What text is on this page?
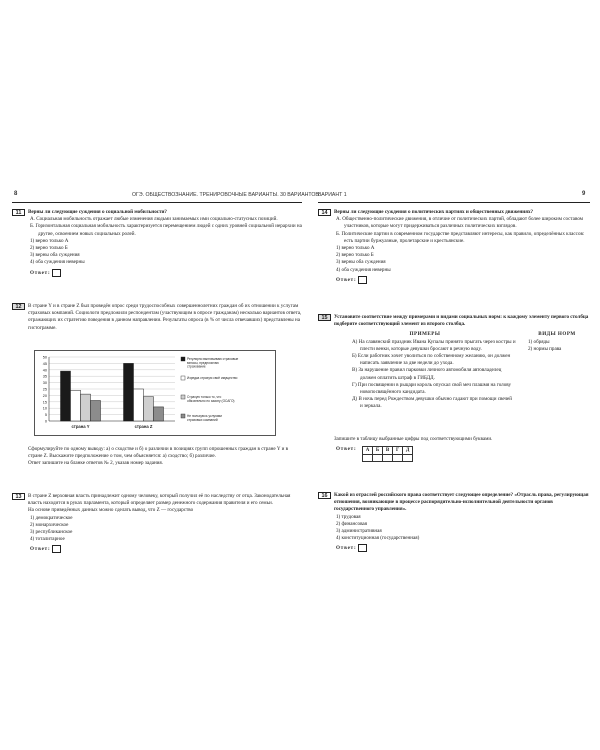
8	ОГЭ. ОБЩЕСТВОЗНАНИЕ. ТРЕНИРОВОЧНЫЕ ВАРИАНТЫ. 30 ВАРИАНТОВ ВАРИАНТ 1	9
11	Верны ли следующие суждения о социальной мобильности?
А. Социальная мобильность отражает любые изменения людьми занимаемых ими социально-статусных позиций.
Б. Горизонтальная социальная мобильность характеризуется перемещением людей с одних уровней социальной иерархии на другие, освоением новых социальных ролей.
1) верно только А
2) верно только Б
3) верны оба суждения
4) оба суждения неверны
Ответ:
12	В стране Y и в стране Z был проведён опрос среди трудоспособных совершеннолетних граждан об их отношении к услугам страховых компаний. Социологи предложили респондентам (участвующим в опросе гражданам) несколько вариантов ответа, отражающих их стратегию поведения в данном направлении. Результаты опроса (в % от числа отвечавших) представлены на гистограмме.
0
5
10
15
20
25
30
35
40
45
50
страна Y	страна Z
Регулярно выплачиваю страховые взносы, предпочитаю страхование
Изредка страхую своё имущество
Страхую только то, что обязательно по закону (ОСАГО)
Не пользуюсь услугами страховых компаний
Сформулируйте по одному выводу: а) о сходстве и б) о различии в позициях групп опрошенных граждан в стране Y и в стране Z. Выскажите предположение о том, чем объясняется: а) сходство; б) различие.
Ответ запишите на бланке ответов № 2, указав номер задания.
13	В стране Z верховная власть принадлежит одному человеку, который получил её по наследству от отца. Законодательная власть находится в руках парламента, который определяет размер денежного содержания правителя и его семьи.
На основе приведённых данных можно сделать вывод, что Z — государство
1) демократическое
2) монархическое
3) республиканское
4) тоталитарное
Ответ:
14	Верны ли следующие суждения о политических партиях и общественных движениях?
А. Общественно-политические движения, в отличие от политических партий, обладают более широким составом участников, которые могут придерживаться различных политических взглядов.
Б. Политические партии в современном государстве представляют интересы, как правило, определённых классов: есть партии буржуазные, пролетарские и крестьянские.
1) верно только А
2) верно только Б
3) верны оба суждения
4) оба суждения неверны
Ответ:
15	Установите соответствие между примерами и видами социальных норм: к каждому элементу первого столбца подберите соответствующий элемент из второго столбца.
ПРИМЕРЫ
А) На славянский праздник Ивана Купалы принято прыгать через костры и плести венки, которые девушки бросают в речную воду.
Б) Если работник хочет уволиться по собственному желанию, он должен написать заявление за две недели до ухода.
В) За нарушение правил парковки личного автомобиля автовладелец должен оплатить штраф в ГИБДД.
Г) При посвящении в рыцари король опускал свой меч плашмя на голову новопосвящённого кандидата.
Д) В ночь перед Рождеством девушки обычно гадают при помощи свечей и зеркала.
ВИДЫ НОРМ
1) обряды
2) нормы права
Запишите в таблицу выбранные цифры под соответствующими буквами.
Ответ: А	Б	В	Г	Д

16	Какой из отраслей российского права соответствует следующее определение? «Отрасль права, регулирующая отношения, возникающие в процессе распорядительно-исполнительной деятельности органов государственного управления».
1) трудовая
2) финансовая
3) административная
4) конституционная (государственная)
Ответ:
